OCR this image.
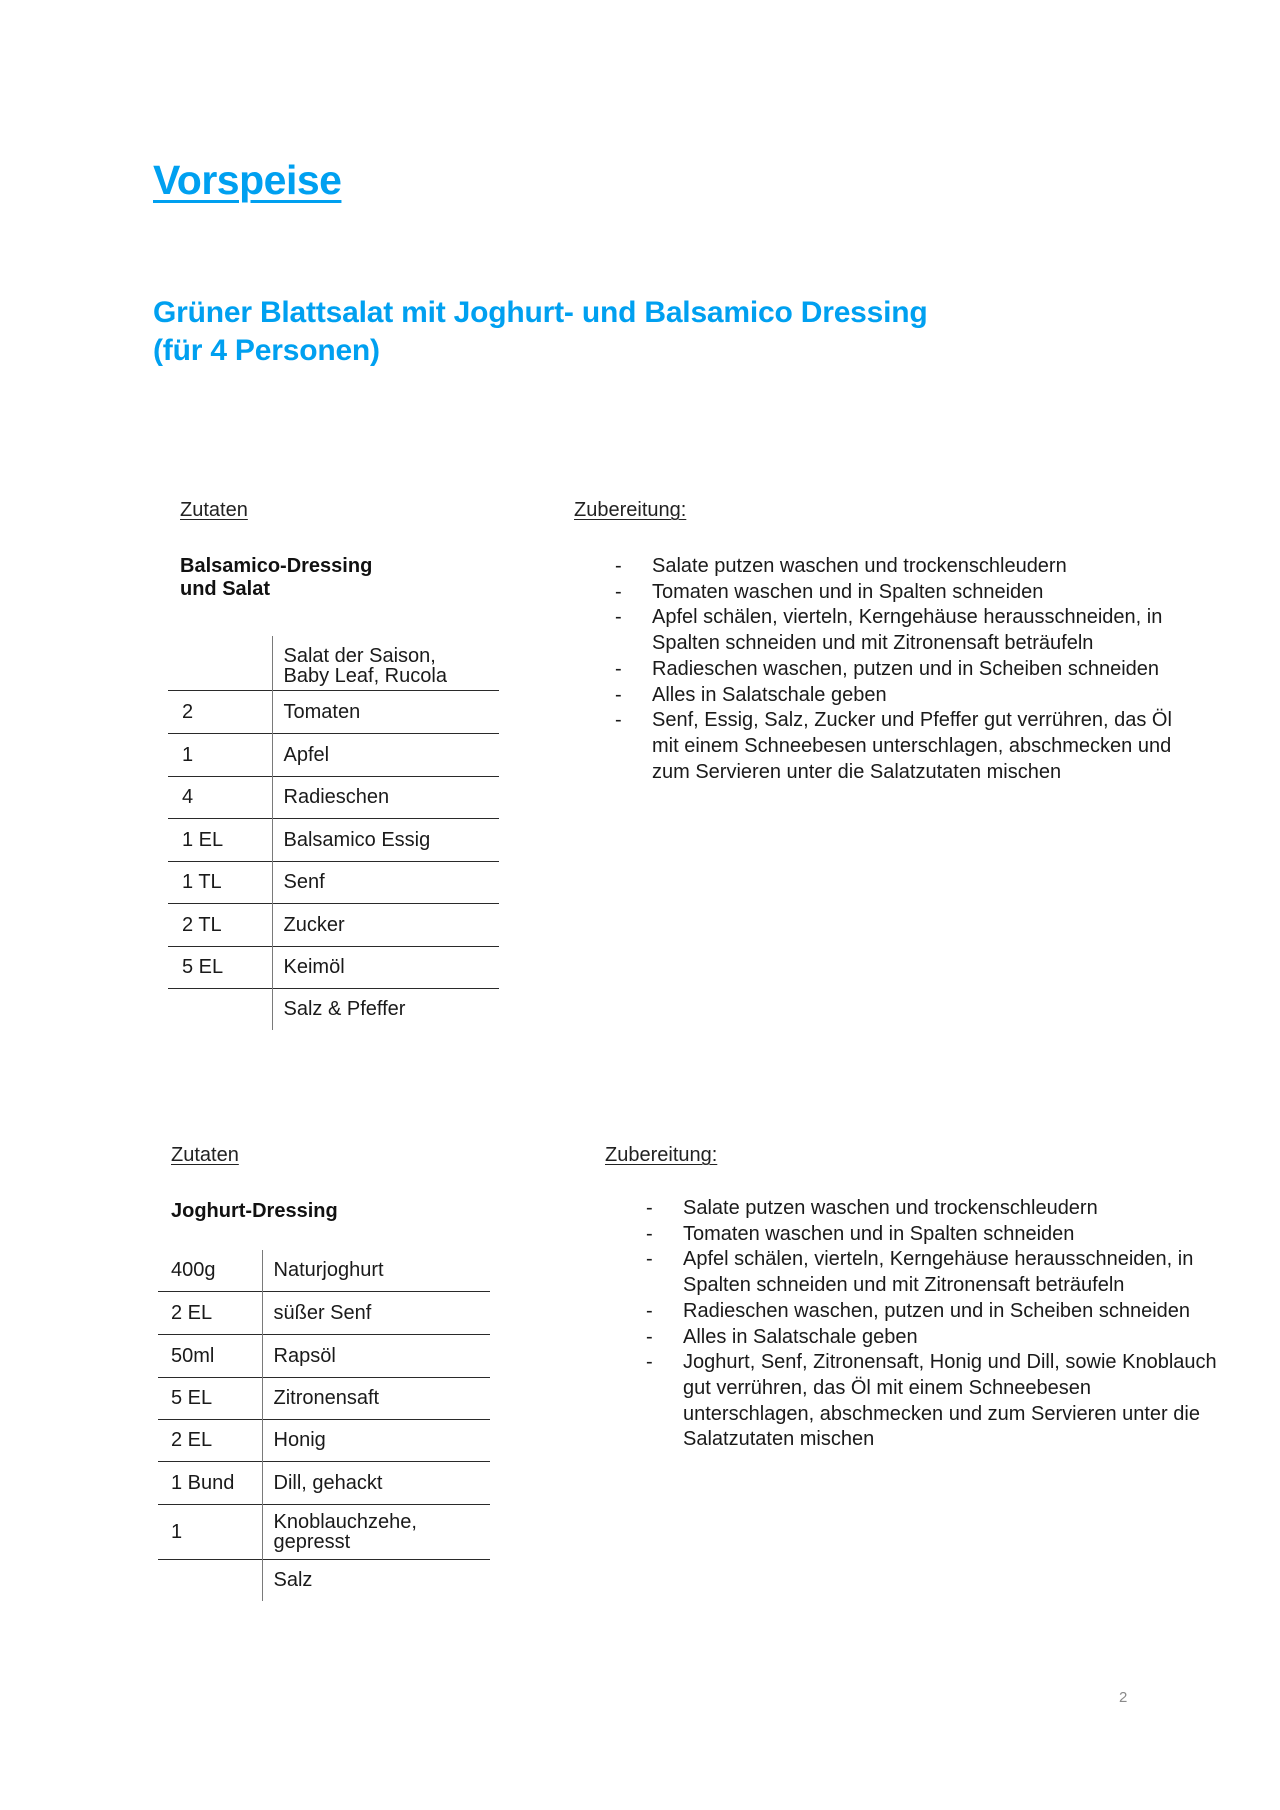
Vorspeise
Grüner Blattsalat mit Joghurt- und Balsamico Dressing
(für 4 Personen)
Zutaten
Balsamico-Dressing
und Salat

	Salat der Saison,
Baby Leaf, Rucola

2	Tomaten
1	Apfel
4	Radieschen
1 EL	Balsamico Essig
1 TL	Senf
2 TL	Zucker
5 EL	Keimöl
	Salz & Pfeffer
Zubereitung:
-	Salate putzen waschen und trockenschleudern
-	Tomaten waschen und in Spalten schneiden
-	Apfel schälen, vierteln, Kerngehäuse herausschneiden, in
Spalten schneiden und mit Zitronensaft beträufeln
-	Radieschen waschen, putzen und in Scheiben schneiden
-	Alles in Salatschale geben
-	Senf, Essig, Salz, Zucker und Pfeffer gut verrühren, das Öl
mit einem Schneebesen unterschlagen, abschmecken und
zum Servieren unter die Salatzutaten mischen
Zutaten
Joghurt-Dressing
400g	Naturjoghurt
2 EL	süßer Senf
50ml	Rapsöl
5 EL	Zitronensaft
2 EL	Honig
1 Bund	Dill, gehackt
1	Knoblauchzehe,
gepresst

	Salz
Zubereitung:
-	Salate putzen waschen und trockenschleudern
-	Tomaten waschen und in Spalten schneiden
-	Apfel schälen, vierteln, Kerngehäuse herausschneiden, in
Spalten schneiden und mit Zitronensaft beträufeln
-	Radieschen waschen, putzen und in Scheiben schneiden
-	Alles in Salatschale geben
-	Joghurt, Senf, Zitronensaft, Honig und Dill, sowie Knoblauch
gut verrühren, das Öl mit einem Schneebesen
unterschlagen, abschmecken und zum Servieren unter die
Salatzutaten mischen
2
